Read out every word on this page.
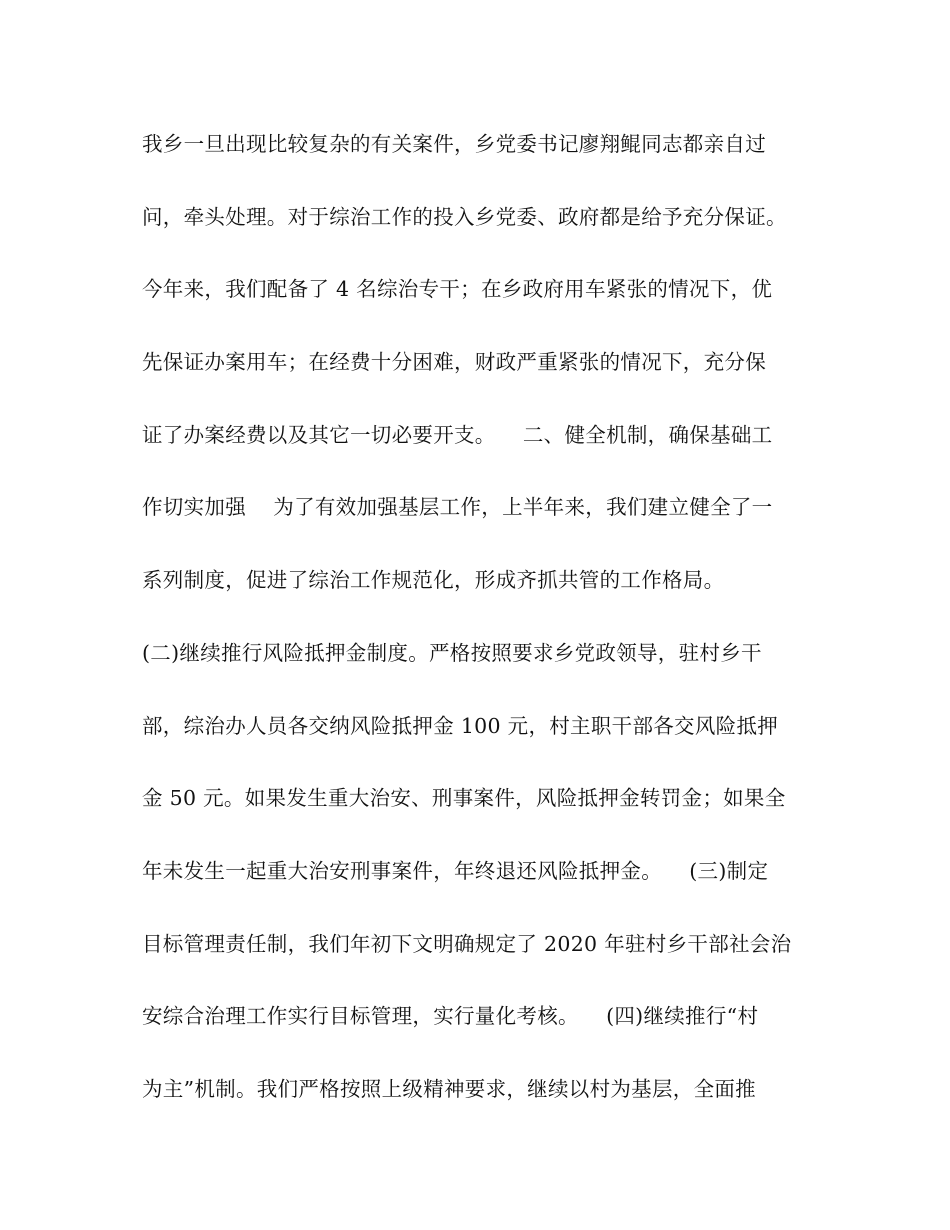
我乡一旦出现比较复杂的有关案件，乡党委书记廖翔鲲同志都亲自过
问，牵头处理。对于综治工作的投入乡党委、政府都是给予充分保证。
今年来，我们配备了 4 名综治专干；在乡政府用车紧张的情况下，优
先保证办案用车；在经费十分困难，财政严重紧张的情况下，充分保
证了办案经费以及其它一切必要开支。    二、健全机制，确保基础工
作切实加强    为了有效加强基层工作，上半年来，我们建立健全了一
系列制度，促进了综治工作规范化，形成齐抓共管的工作格局。
(二)继续推行风险抵押金制度。严格按照要求乡党政领导，驻村乡干
部，综治办人员各交纳风险抵押金 100 元，村主职干部各交风险抵押
金 50 元。如果发生重大治安、刑事案件，风险抵押金转罚金；如果全
年未发生一起重大治安刑事案件，年终退还风险抵押金。    (三)制定
目标管理责任制，我们年初下文明确规定了 2020 年驻村乡干部社会治
安综合治理工作实行目标管理，实行量化考核。    (四)继续推行“村
为主”机制。我们严格按照上级精神要求，继续以村为基层，全面推
